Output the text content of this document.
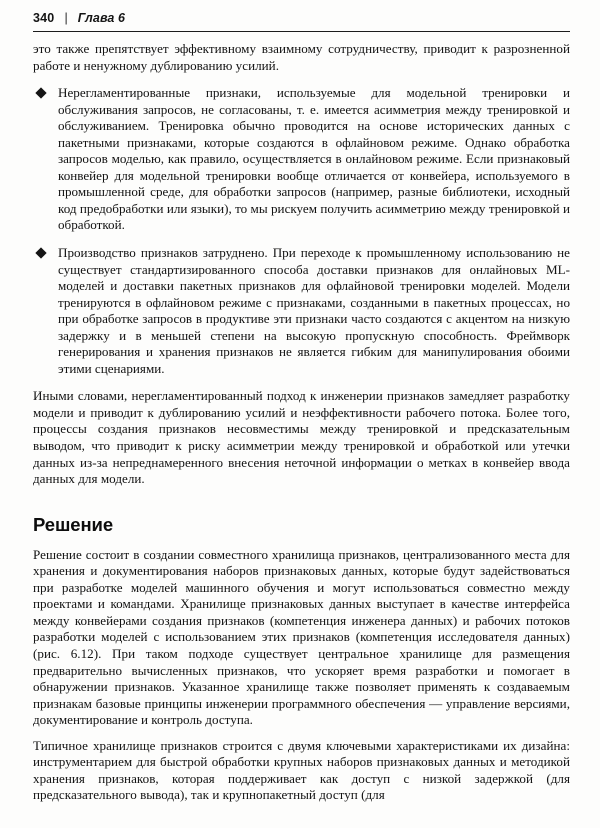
340 | Глава 6

это также препятствует эффективному взаимному сотрудничеству, приводит к разрозненной работе и ненужному дублированию усилий.

Нерегламентированные признаки, используемые для модельной тренировки и обслуживания запросов, не согласованы, т. е. имеется асимметрия между тренировкой и обслуживанием. Тренировка обычно проводится на основе исторических данных с пакетными признаками, которые создаются в офлайновом режиме. Однако обработка запросов моделью, как правило, осуществляется в онлайновом режиме. Если признаковый конвейер для модельной тренировки вообще отличается от конвейера, используемого в промышленной среде, для обработки запросов (например, разные библиотеки, исходный код предобработки или языки), то мы рискуем получить асимметрию между тренировкой и обработкой.
Производство признаков затруднено. При переходе к промышленному использованию не существует стандартизированного способа доставки признаков для онлайновых ML-моделей и доставки пакетных признаков для офлайновой тренировки моделей. Модели тренируются в офлайновом режиме с признаками, созданными в пакетных процессах, но при обработке запросов в продуктиве эти признаки часто создаются с акцентом на низкую задержку и в меньшей степени на высокую пропускную способность. Фреймворк генерирования и хранения признаков не является гибким для манипулирования обоими этими сценариями.

Иными словами, нерегламентированный подход к инженерии признаков замедляет разработку модели и приводит к дублированию усилий и неэффективности рабочего потока. Более того, процессы создания признаков несовместимы между тренировкой и предсказательным выводом, что приводит к риску асимметрии между тренировкой и обработкой или утечки данных из-за непреднамеренного внесения неточной информации о метках в конвейер ввода данных для модели.

Решение

Решение состоит в создании совместного хранилища признаков, централизованного места для хранения и документирования наборов признаковых данных, которые будут задействоваться при разработке моделей машинного обучения и могут использоваться совместно между проектами и командами. Хранилище признаковых данных выступает в качестве интерфейса между конвейерами создания признаков (компетенция инженера данных) и рабочих потоков разработки моделей с использованием этих признаков (компетенция исследователя данных) (рис. 6.12). При таком подходе существует центральное хранилище для размещения предварительно вычисленных признаков, что ускоряет время разработки и помогает в обнаружении признаков. Указанное хранилище также позволяет применять к создаваемым признакам базовые принципы инженерии программного обеспечения — управление версиями, документирование и контроль доступа.

Типичное хранилище признаков строится с двумя ключевыми характеристиками их дизайна: инструментарием для быстрой обработки крупных наборов признаковых данных и методикой хранения признаков, которая поддерживает как доступ с низкой задержкой (для предсказательного вывода), так и крупнопакетный доступ (для
